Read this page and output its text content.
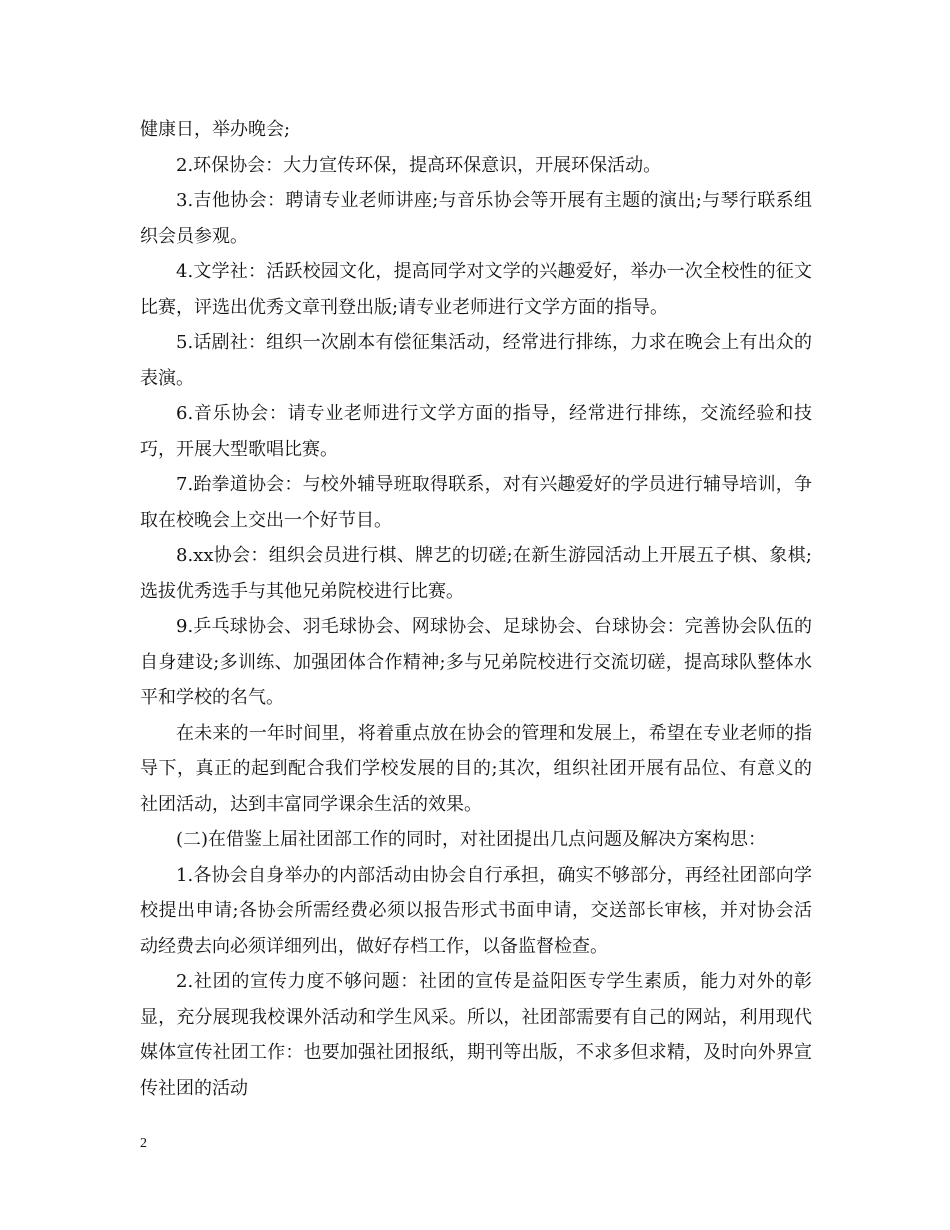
健康日，举办晚会;

2.环保协会：大力宣传环保，提高环保意识，开展环保活动。

3.吉他协会：聘请专业老师讲座;与音乐协会等开展有主题的演出;与琴行联系组织会员参观。

4.文学社：活跃校园文化，提高同学对文学的兴趣爱好，举办一次全校性的征文比赛，评选出优秀文章刊登出版;请专业老师进行文学方面的指导。

5.话剧社：组织一次剧本有偿征集活动，经常进行排练，力求在晚会上有出众的表演。

6.音乐协会：请专业老师进行文学方面的指导，经常进行排练，交流经验和技巧，开展大型歌唱比赛。

7.跆拳道协会：与校外辅导班取得联系，对有兴趣爱好的学员进行辅导培训，争取在校晚会上交出一个好节目。

8.xx协会：组织会员进行棋、牌艺的切磋;在新生游园活动上开展五子棋、象棋;选拔优秀选手与其他兄弟院校进行比赛。

9.乒乓球协会、羽毛球协会、网球协会、足球协会、台球协会：完善协会队伍的自身建设;多训练、加强团体合作精神;多与兄弟院校进行交流切磋，提高球队整体水平和学校的名气。

在未来的一年时间里，将着重点放在协会的管理和发展上，希望在专业老师的指导下，真正的起到配合我们学校发展的目的;其次，组织社团开展有品位、有意义的社团活动，达到丰富同学课余生活的效果。

(二)在借鉴上届社团部工作的同时，对社团提出几点问题及解决方案构思：

1.各协会自身举办的内部活动由协会自行承担，确实不够部分，再经社团部向学校提出申请;各协会所需经费必须以报告形式书面申请，交送部长审核，并对协会活动经费去向必须详细列出，做好存档工作，以备监督检查。

2.社团的宣传力度不够问题：社团的宣传是益阳医专学生素质，能力对外的彰显，充分展现我校课外活动和学生风采。所以，社团部需要有自己的网站，利用现代媒体宣传社团工作：也要加强社团报纸，期刊等出版，不求多但求精，及时向外界宣传社团的活动

2
